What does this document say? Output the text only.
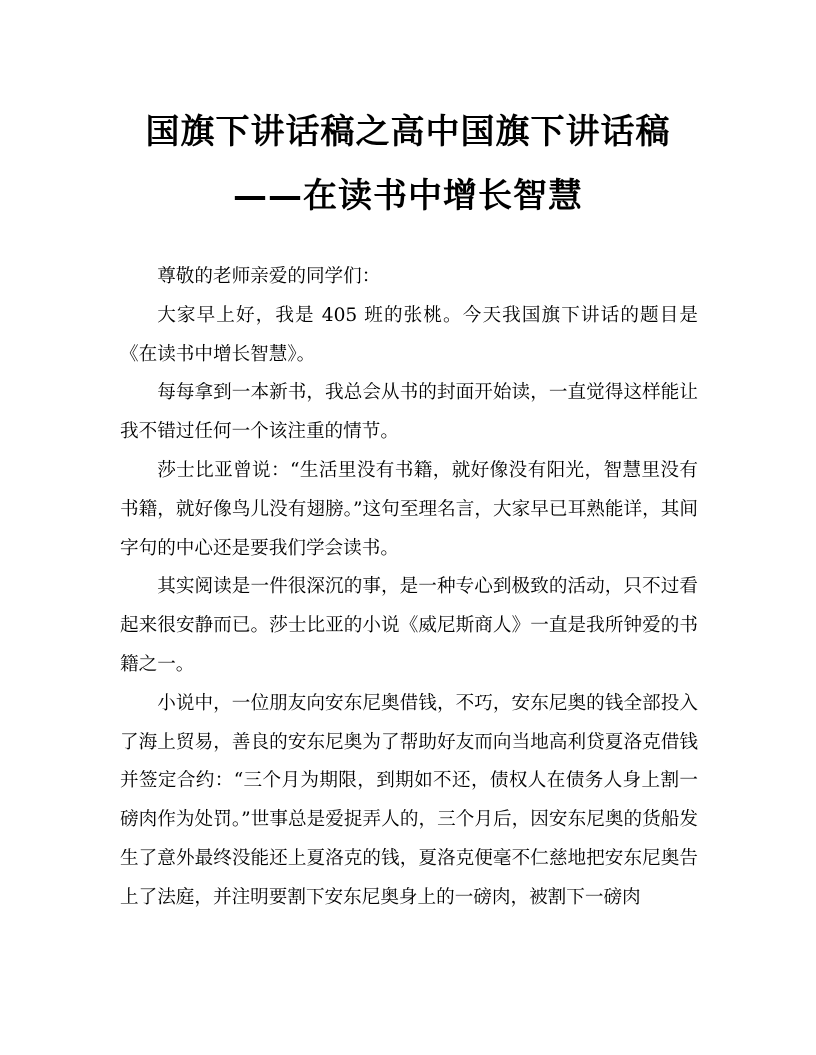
国旗下讲话稿之高中国旗下讲话稿
——在读书中增长智慧

尊敬的老师亲爱的同学们：

大家早上好，我是 405 班的张桃。今天我国旗下讲话的题目是《在读书中增长智慧》。

每每拿到一本新书，我总会从书的封面开始读，一直觉得这样能让我不错过任何一个该注重的情节。

莎士比亚曾说：“生活里没有书籍，就好像没有阳光，智慧里没有书籍，就好像鸟儿没有翅膀。”这句至理名言，大家早已耳熟能详，其间字句的中心还是要我们学会读书。

其实阅读是一件很深沉的事，是一种专心到极致的活动，只不过看起来很安静而已。莎士比亚的小说《威尼斯商人》一直是我所钟爱的书籍之一。

小说中，一位朋友向安东尼奥借钱，不巧，安东尼奥的钱全部投入了海上贸易，善良的安东尼奥为了帮助好友而向当地高利贷夏洛克借钱并签定合约：“三个月为期限，到期如不还，债权人在债务人身上割一磅肉作为处罚。”世事总是爱捉弄人的，三个月后，因安东尼奥的货船发生了意外最终没能还上夏洛克的钱，夏洛克便毫不仁慈地把安东尼奥告上了法庭，并注明要割下安东尼奥身上的一磅肉，被割下一磅肉
